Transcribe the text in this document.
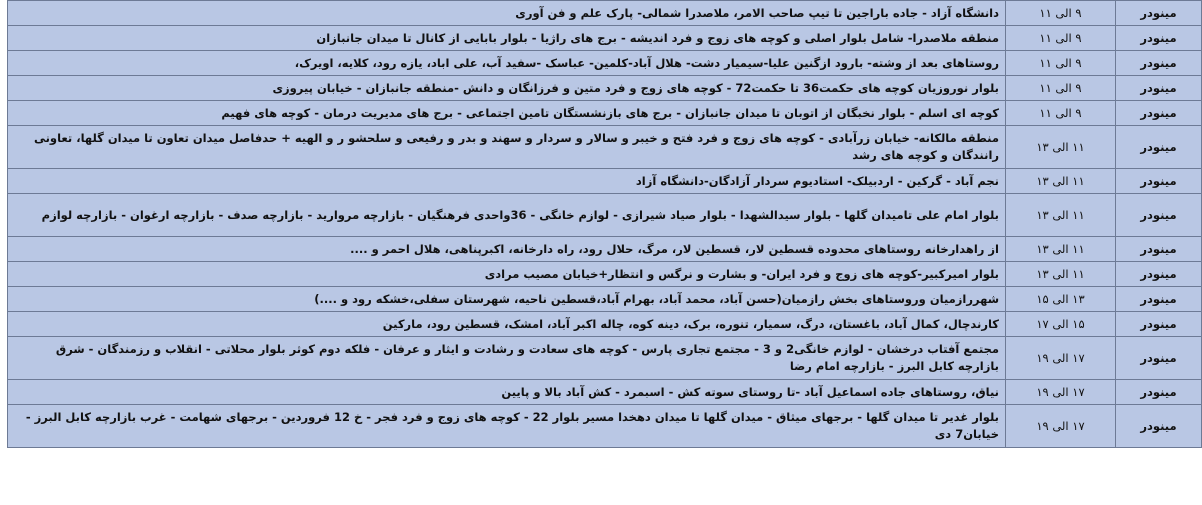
مینودر	۹ الی ۱۱	دانشگاه آزاد - جاده باراجین تا تیپ صاحب الامر، ملاصدرا شمالی- پارک علم و فن آوری
مینودر	۹ الی ۱۱	منطقه ملاصدرا- شامل بلوار اصلی و کوچه های زوج و فرد اندیشه - برج های راژیا - بلوار بابایی از کانال تا میدان جانبازان
مینودر	۹ الی ۱۱	روستاهای بعد از وشته- بارود ازگنین علیا-سیمیار دشت- هلال آباد-کلمین- عباسک -سفید آب، علی اباد، یازه رود، کلایه، اویرک،
مینودر	۹ الی ۱۱	بلوار نوروزیان کوچه های حکمت36 تا حکمت72 - کوچه های زوج و فرد متین و فرزانگان و دانش -منطقه جانبازان - خیابان پیروزی
مینودر	۹ الی ۱۱	کوچه ای اسلم - بلوار نخبگان از اتوبان تا میدان جانبازان - برج های بازنشستگان تامین اجتماعی - برج های مدیریت درمان - کوچه های فهیم
مینودر	۱۱ الی ۱۳	منطقه مالکانه- خیابان زرآبادی - کوچه های زوج و فرد فتح و خیبر و سالار و سردار و سهند و بدر و رفیعی و سلحشو ر و الهیه + حدفاصل میدان تعاون تا میدان گلها، تعاونی رانندگان و کوچه های رشد
مینودر	۱۱ الی ۱۳	نجم آباد - گرکین - اردبیلک- استادیوم سردار آزادگان-دانشگاه آزاد
مینودر	۱۱ الی ۱۳	بلوار امام علی تامیدان گلها - بلوار سیدالشهدا - بلوار صیاد شیرازی - لوازم خانگی - 36واحدی فرهنگیان - بازارچه مروارید - بازارچه صدف - بازارچه ارغوان - بازارچه لوازم
مینودر	۱۱ الی ۱۳	از راهدارخانه روستاهای محدوده قسطین لار، قسطین لار، مرگ، حلال رود، راه دارخانه، اکبرپناهی، هلال احمر و ....
مینودر	۱۱ الی ۱۳	بلوار امیرکبیر-کوچه های زوج و فرد ایران- و بشارت و نرگس و انتظار+خیابان مصیب مرادی
مینودر	۱۳ الی ۱۵	شهررازمیان وروستاهای بخش رازمیان(حسن آباد، محمد آباد، بهرام آباد،قسطین ناحیه، شهرستان سفلی،خشکه رود و ....)
مینودر	۱۵ الی ۱۷	کارندچال، کمال آباد، باغستان، درگ، سمیار، تنوره، برک، دینه کوه، چاله اکبر آباد، امشک، قسطین رود، مارکین
مینودر	۱۷ الی ۱۹	مجتمع آفتاب درخشان - لوازم خانگی2 و 3 - مجتمع تجاری پارس - کوچه های سعادت و رشادت و ایثار و عرفان - فلکه دوم کوثر بلوار محلاتی - انقلاب و رزمندگان - شرق بازارچه کابل البرز - بازارچه امام رضا
مینودر	۱۷ الی ۱۹	نیاق، روستاهای جاده اسماعیل آباد -تا روستای سوته کش - اسبمرد - کش آباد بالا و پایین
مینودر	۱۷ الی ۱۹	بلوار غدیر تا میدان گلها - برجهای میثاق - میدان گلها تا میدان دهخدا مسیر بلوار 22 - کوچه های زوج و فرد فجر - خ 12 فروردین - برجهای شهامت - غرب بازارچه کابل البرز - خیابان7 دی
